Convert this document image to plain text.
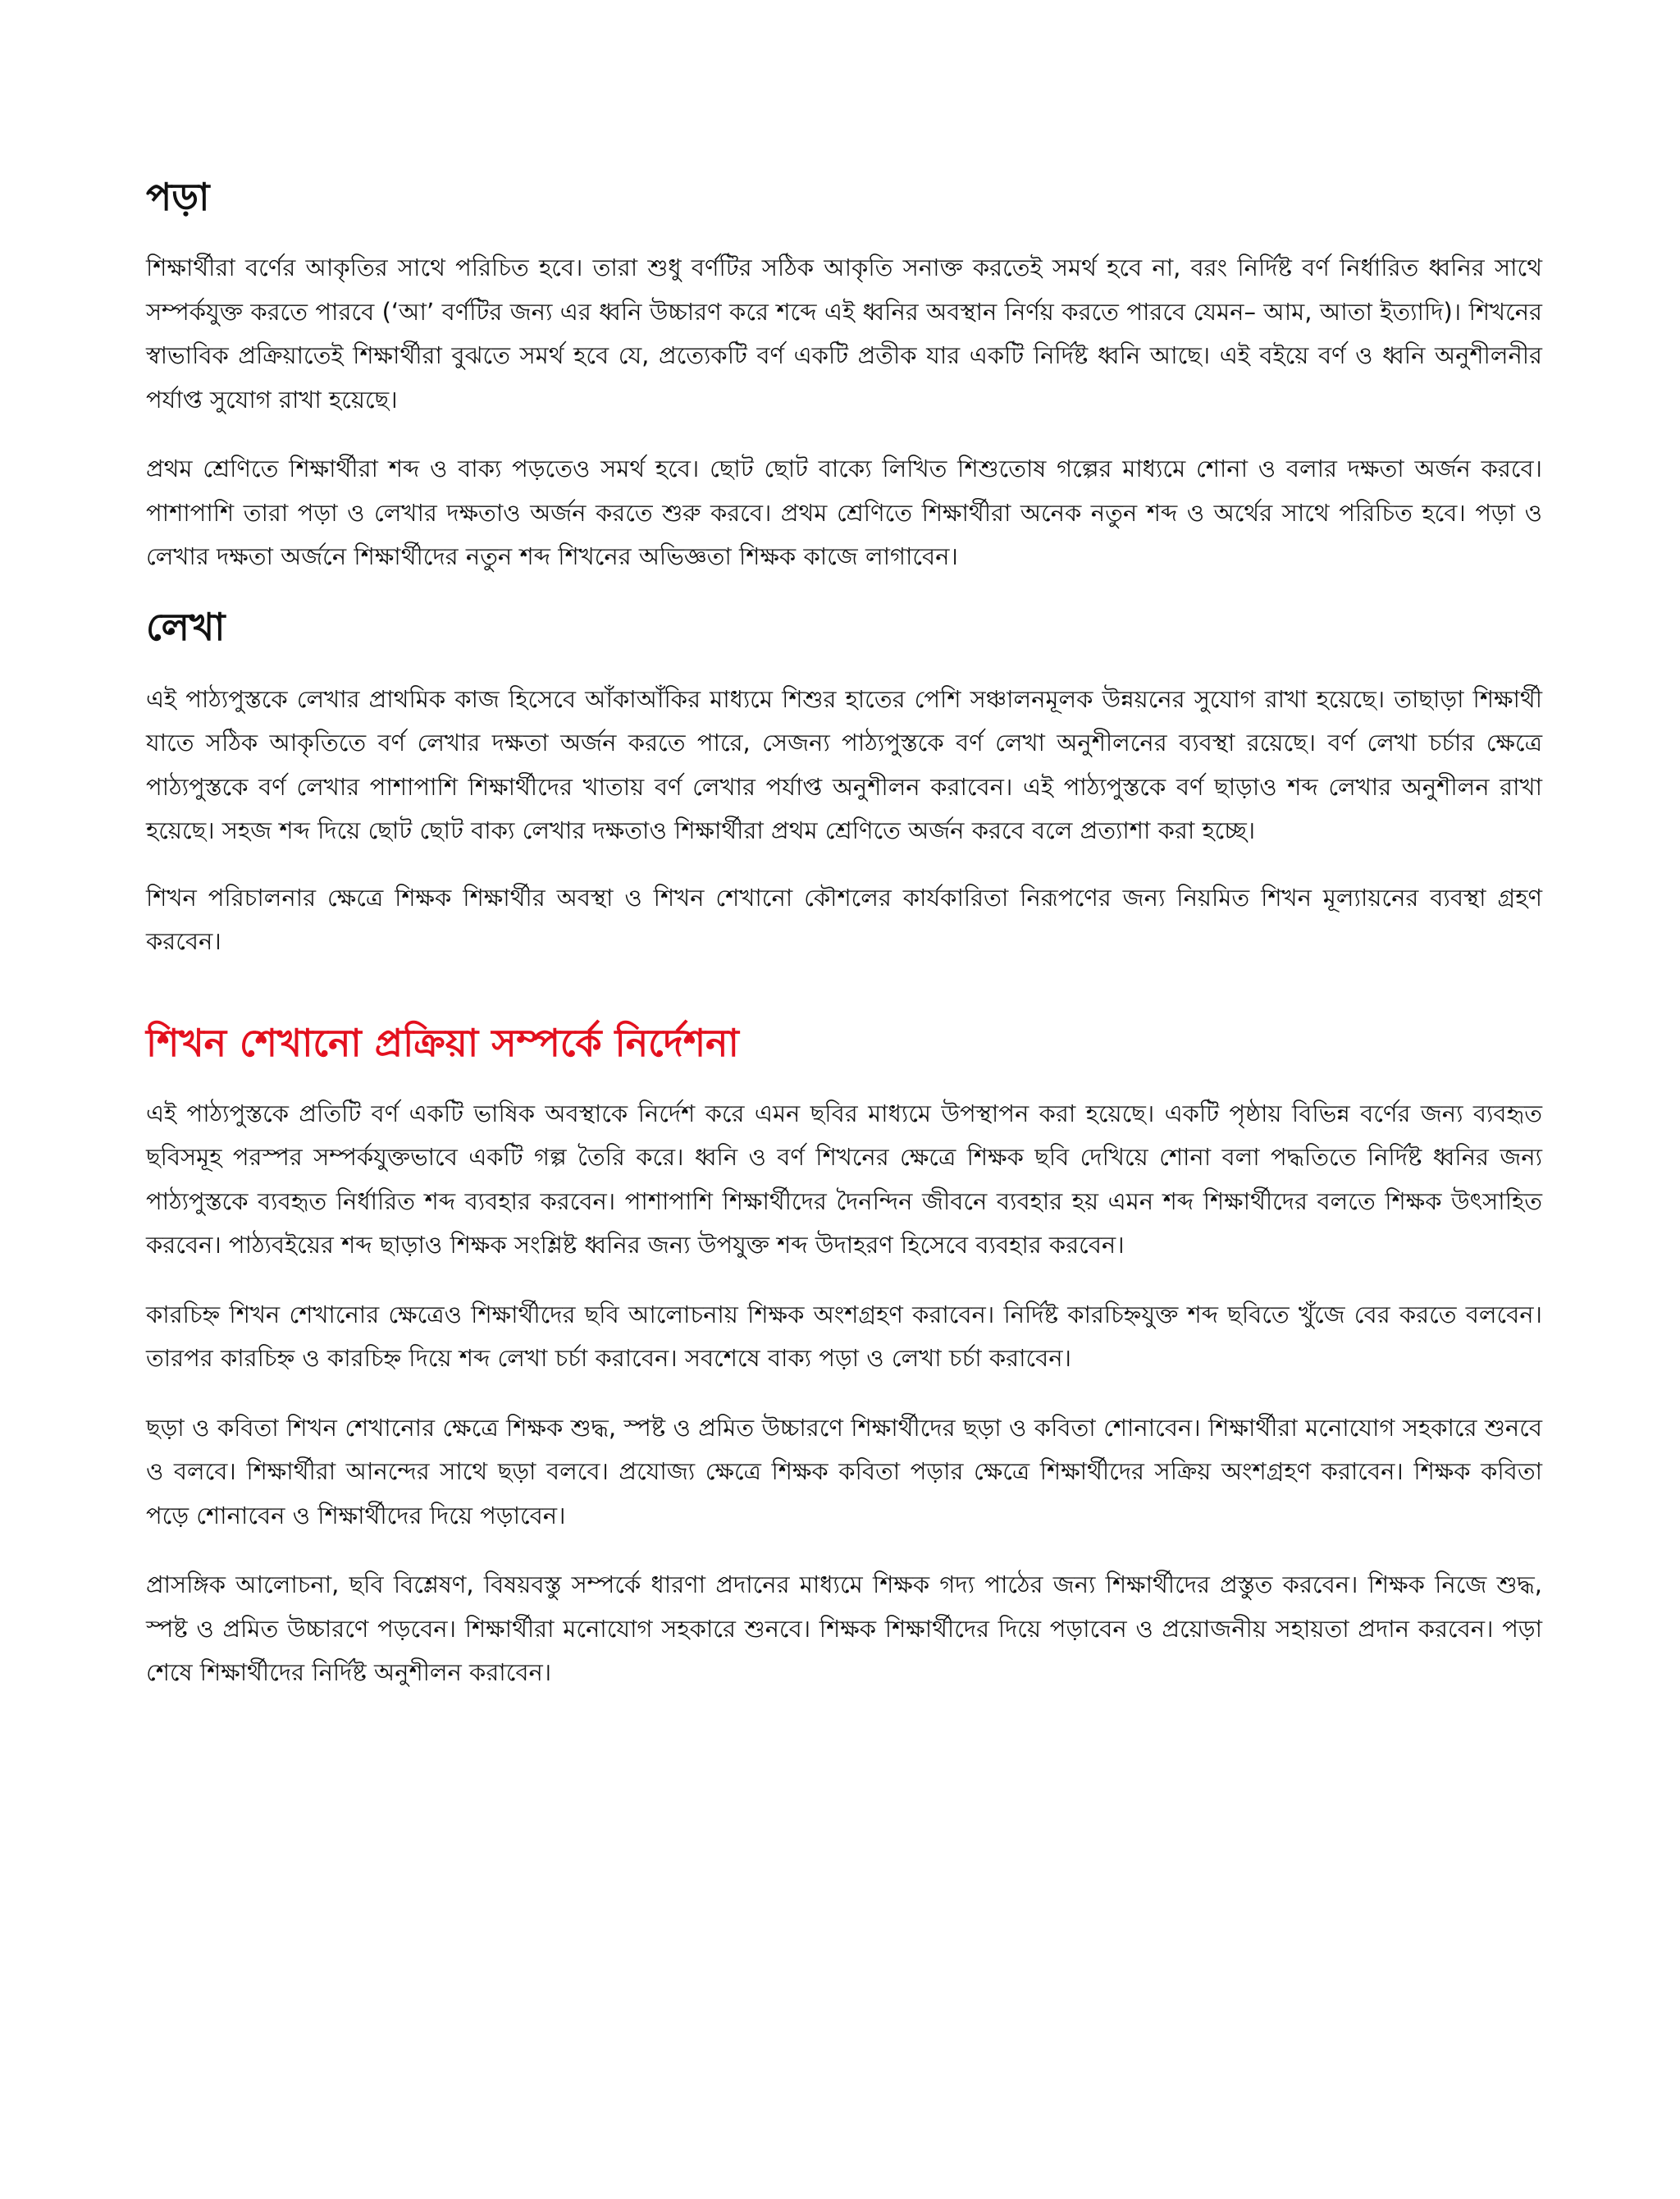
পড়া

শিক্ষার্থীরা বর্ণের আকৃতির সাথে পরিচিত হবে। তারা শুধু বর্ণটির সঠিক আকৃতি সনাক্ত করতেই সমর্থ হবে না, বরং নির্দিষ্ট বর্ণ নির্ধারিত ধ্বনির সাথে সম্পর্কযুক্ত করতে পারবে (‘আ’ বর্ণটির জন্য এর ধ্বনি উচ্চারণ করে শব্দে এই ধ্বনির অবস্থান নির্ণয় করতে পারবে যেমন– আম, আতা ইত্যাদি)। শিখনের স্বাভাবিক প্রক্রিয়াতেই শিক্ষার্থীরা বুঝতে সমর্থ হবে যে, প্রত্যেকটি বর্ণ একটি প্রতীক যার একটি নির্দিষ্ট ধ্বনি আছে। এই বইয়ে বর্ণ ও ধ্বনি অনুশীলনীর পর্যাপ্ত সুযোগ রাখা হয়েছে।

প্রথম শ্রেণিতে শিক্ষার্থীরা শব্দ ও বাক্য পড়তেও সমর্থ হবে। ছোট ছোট বাক্যে লিখিত শিশুতোষ গল্পের মাধ্যমে শোনা ও বলার দক্ষতা অর্জন করবে। পাশাপাশি তারা পড়া ও লেখার দক্ষতাও অর্জন করতে শুরু করবে। প্রথম শ্রেণিতে শিক্ষার্থীরা অনেক নতুন শব্দ ও অর্থের সাথে পরিচিত হবে। পড়া ও লেখার দক্ষতা অর্জনে শিক্ষার্থীদের নতুন শব্দ শিখনের অভিজ্ঞতা শিক্ষক কাজে লাগাবেন।

লেখা

এই পাঠ্যপুস্তকে লেখার প্রাথমিক কাজ হিসেবে আঁকাআঁকির মাধ্যমে শিশুর হাতের পেশি সঞ্চালনমূলক উন্নয়নের সুযোগ রাখা হয়েছে। তাছাড়া শিক্ষার্থী যাতে সঠিক আকৃতিতে বর্ণ লেখার দক্ষতা অর্জন করতে পারে, সেজন্য পাঠ্যপুস্তকে বর্ণ লেখা অনুশীলনের ব্যবস্থা রয়েছে। বর্ণ লেখা চর্চার ক্ষেত্রে পাঠ্যপুস্তকে বর্ণ লেখার পাশাপাশি শিক্ষার্থীদের খাতায় বর্ণ লেখার পর্যাপ্ত অনুশীলন করাবেন। এই পাঠ্যপুস্তকে বর্ণ ছাড়াও শব্দ লেখার অনুশীলন রাখা হয়েছে। সহজ শব্দ দিয়ে ছোট ছোট বাক্য লেখার দক্ষতাও শিক্ষার্থীরা প্রথম শ্রেণিতে অর্জন করবে বলে প্রত্যাশা করা হচ্ছে।

শিখন পরিচালনার ক্ষেত্রে শিক্ষক শিক্ষার্থীর অবস্থা ও শিখন শেখানো কৌশলের কার্যকারিতা নিরূপণের জন্য নিয়মিত শিখন মূল্যায়নের ব্যবস্থা গ্রহণ করবেন।

শিখন শেখানো প্রক্রিয়া সম্পর্কে নির্দেশনা

এই পাঠ্যপুস্তকে প্রতিটি বর্ণ একটি ভাষিক অবস্থাকে নির্দেশ করে এমন ছবির মাধ্যমে উপস্থাপন করা হয়েছে। একটি পৃষ্ঠায় বিভিন্ন বর্ণের জন্য ব্যবহৃত ছবিসমূহ পরস্পর সম্পর্কযুক্তভাবে একটি গল্প তৈরি করে। ধ্বনি ও বর্ণ শিখনের ক্ষেত্রে শিক্ষক ছবি দেখিয়ে শোনা বলা পদ্ধতিতে নির্দিষ্ট ধ্বনির জন্য পাঠ্যপুস্তকে ব্যবহৃত নির্ধারিত শব্দ ব্যবহার করবেন। পাশাপাশি শিক্ষার্থীদের দৈনন্দিন জীবনে ব্যবহার হয় এমন শব্দ শিক্ষার্থীদের বলতে শিক্ষক উৎসাহিত করবেন। পাঠ্যবইয়ের শব্দ ছাড়াও শিক্ষক সংশ্লিষ্ট ধ্বনির জন্য উপযুক্ত শব্দ উদাহরণ হিসেবে ব্যবহার করবেন।

কারচিহ্ন শিখন শেখানোর ক্ষেত্রেও শিক্ষার্থীদের ছবি আলোচনায় শিক্ষক অংশগ্রহণ করাবেন। নির্দিষ্ট কারচিহ্নযুক্ত শব্দ ছবিতে খুঁজে বের করতে বলবেন। তারপর কারচিহ্ন ও কারচিহ্ন দিয়ে শব্দ লেখা চর্চা করাবেন। সবশেষে বাক্য পড়া ও লেখা চর্চা করাবেন।

ছড়া ও কবিতা শিখন শেখানোর ক্ষেত্রে শিক্ষক শুদ্ধ, স্পষ্ট ও প্রমিত উচ্চারণে শিক্ষার্থীদের ছড়া ও কবিতা শোনাবেন। শিক্ষার্থীরা মনোযোগ সহকারে শুনবে ও বলবে। শিক্ষার্থীরা আনন্দের সাথে ছড়া বলবে। প্রযোজ্য ক্ষেত্রে শিক্ষক কবিতা পড়ার ক্ষেত্রে শিক্ষার্থীদের সক্রিয় অংশগ্রহণ করাবেন। শিক্ষক কবিতা পড়ে শোনাবেন ও শিক্ষার্থীদের দিয়ে পড়াবেন।

প্রাসঙ্গিক আলোচনা, ছবি বিশ্লেষণ, বিষয়বস্তু সম্পর্কে ধারণা প্রদানের মাধ্যমে শিক্ষক গদ্য পাঠের জন্য শিক্ষার্থীদের প্রস্তুত করবেন। শিক্ষক নিজে শুদ্ধ, স্পষ্ট ও প্রমিত উচ্চারণে পড়বেন। শিক্ষার্থীরা মনোযোগ সহকারে শুনবে। শিক্ষক শিক্ষার্থীদের দিয়ে পড়াবেন ও প্রয়োজনীয় সহায়তা প্রদান করবেন। পড়া শেষে শিক্ষার্থীদের নির্দিষ্ট অনুশীলন করাবেন।
